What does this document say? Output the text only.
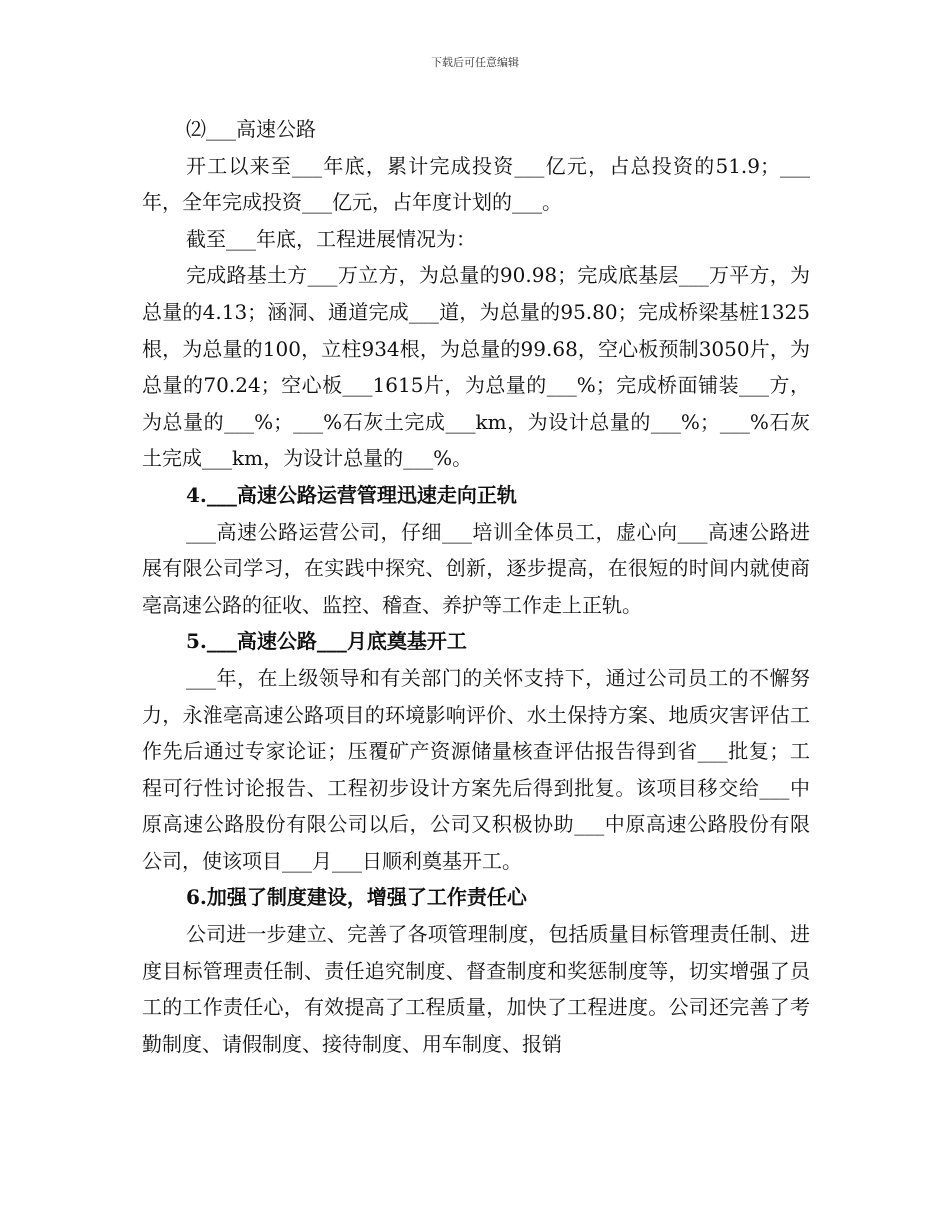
下载后可任意编辑

⑵___高速公路

开工以来至___年底，累计完成投资___亿元，占总投资的51.9；___年，全年完成投资___亿元，占年度计划的___。

截至___年底，工程进展情况为：

完成路基土方___万立方，为总量的90.98；完成底基层___万平方，为总量的4.13；涵洞、通道完成___道，为总量的95.80；完成桥梁基桩1325根，为总量的100，立柱934根，为总量的99.68，空心板预制3050片，为总量的70.24；空心板___1615片，为总量的___%；完成桥面铺装___方，为总量的___%；___%石灰土完成___km，为设计总量的___%；___%石灰土完成___km，为设计总量的___%。

4.___高速公路运营管理迅速走向正轨

___高速公路运营公司，仔细___培训全体员工，虚心向___高速公路进展有限公司学习，在实践中探究、创新，逐步提高，在很短的时间内就使商亳高速公路的征收、监控、稽查、养护等工作走上正轨。

5.___高速公路___月底奠基开工

___年，在上级领导和有关部门的关怀支持下，通过公司员工的不懈努力，永淮亳高速公路项目的环境影响评价、水土保持方案、地质灾害评估工作先后通过专家论证；压覆矿产资源储量核查评估报告得到省___批复；工程可行性讨论报告、工程初步设计方案先后得到批复。该项目移交给___中原高速公路股份有限公司以后，公司又积极协助___中原高速公路股份有限公司，使该项目___月___日顺利奠基开工。

6.加强了制度建设，增强了工作责任心

公司进一步建立、完善了各项管理制度，包括质量目标管理责任制、进度目标管理责任制、责任追究制度、督查制度和奖惩制度等，切实增强了员工的工作责任心，有效提高了工程质量，加快了工程进度。公司还完善了考勤制度、请假制度、接待制度、用车制度、报销
